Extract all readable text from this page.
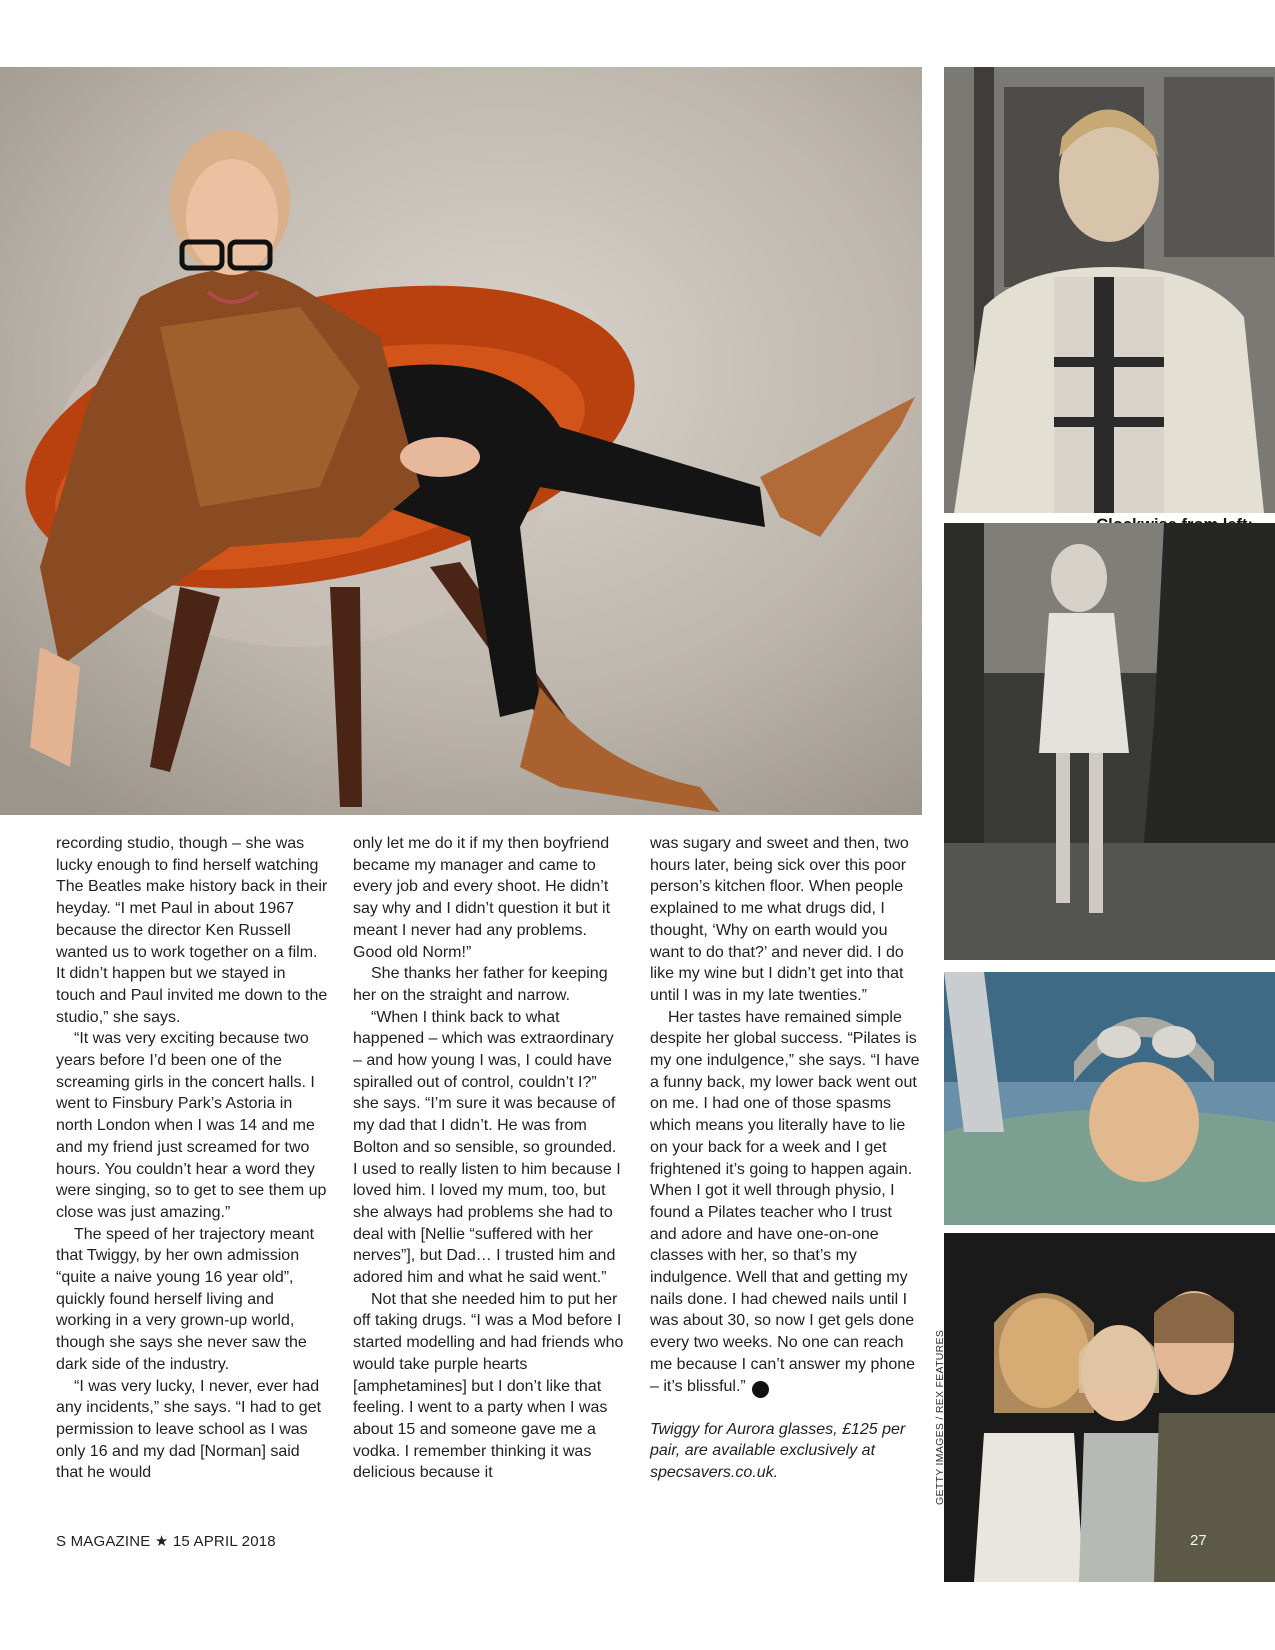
recording studio, though – she was lucky enough to find herself watching The Beatles make history back in their heyday. “I met Paul in about 1967 because the director Ken Russell wanted us to work together on a film. It didn’t happen but we stayed in touch and Paul invited me down to the studio,” she says.

“It was very exciting because two years before I’d been one of the screaming girls in the concert halls. I went to Finsbury Park’s Astoria in north London when I was 14 and me and my friend just screamed for two hours. You couldn’t hear a word they were singing, so to get to see them up close was just amazing.”

The speed of her trajectory meant that Twiggy, by her own admission “quite a naive young 16 year old”, quickly found herself living and working in a very grown-up world, though she says she never saw the dark side of the industry.

“I was very lucky, I never, ever had any incidents,” she says. “I had to get permission to leave school as I was only 16 and my dad [Norman] said that he would

only let me do it if my then boyfriend became my manager and came to every job and every shoot. He didn’t say why and I didn’t question it but it meant I never had any problems. Good old Norm!”

She thanks her father for keeping her on the straight and narrow.

“When I think back to what happened – which was extraordinary – and how young I was, I could have spiralled out of control, couldn’t I?” she says. “I’m sure it was because of my dad that I didn’t. He was from Bolton and so sensible, so grounded. I used to really listen to him because I loved him. I loved my mum, too, but she always had problems she had to deal with [Nellie “suffered with her nerves”], but Dad… I trusted him and adored him and what he said went.”

Not that she needed him to put her off taking drugs. “I was a Mod before I started modelling and had friends who would take purple hearts [amphetamines] but I don’t like that feeling. I went to a party when I was about 15 and someone gave me a vodka. I remember thinking it was delicious because it

was sugary and sweet and then, two hours later, being sick over this poor person’s kitchen floor. When people explained to me what drugs did, I thought, ‘Why on earth would you want to do that?’ and never did. I do like my wine but I didn’t get into that until I was in my late twenties.”

Her tastes have remained simple despite her global success. “Pilates is my one indulgence,” she says. “I have a funny back, my lower back went out on me. I had one of those spasms which means you literally have to lie on your back for a week and I get frightened it’s going to happen again. When I got it well through physio, I found a Pilates teacher who I trust and adore and have one-on-one classes with her, so that’s my indulgence. Well that and getting my nails done. I had chewed nails until I was about 30, so now I get gels done every two weeks. No one can reach me because I can’t answer my phone – it’s blissful.” S

Twiggy for Aurora glasses, £125 per pair, are available exclusively at specsavers.co.uk.	GETTY IMAGES / REX FEATURES
S MAGAZINE ★ 15 APRIL 2018	27
